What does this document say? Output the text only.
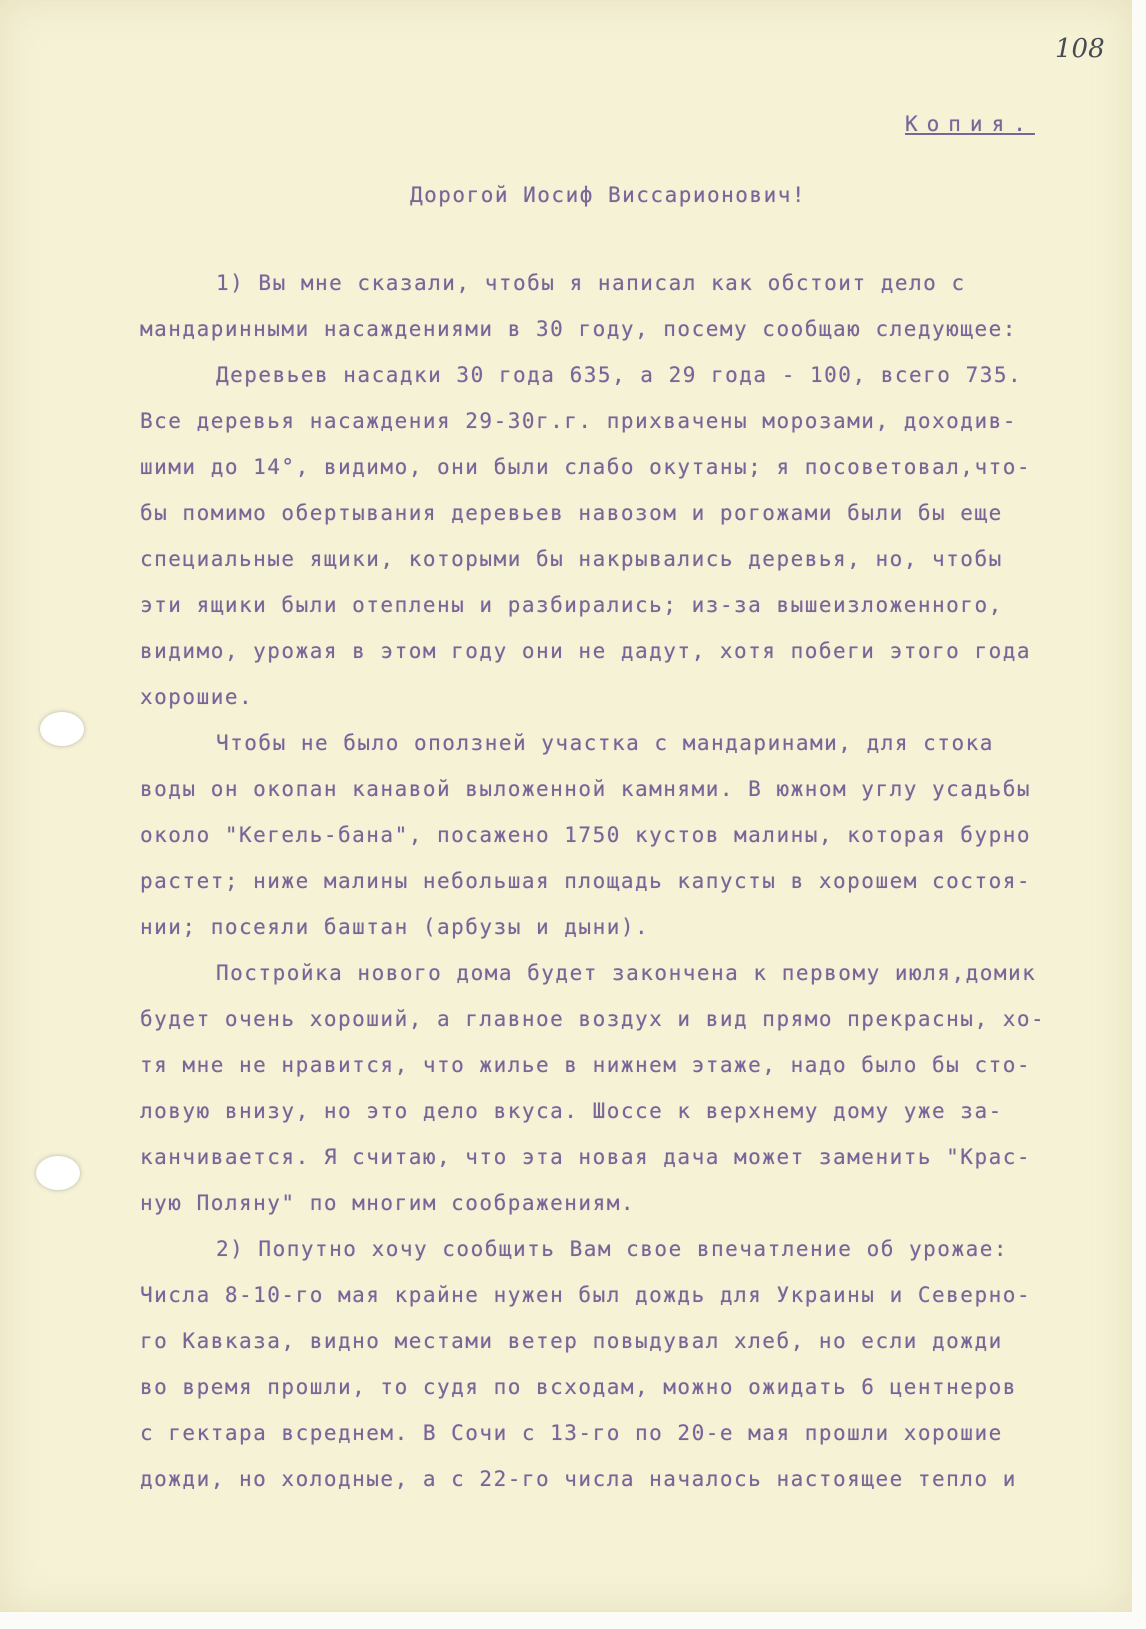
108
Копия.
Дорогой Иосиф Виссарионович!
1) Вы мне сказали, чтобы я написал как обстоит дело с
мандаринными насаждениями в 30 году, посему сообщаю следующее:
Деревьев насадки 30 года 635, а 29 года - 100, всего 735.
Все деревья насаждения 29-30г.г. прихвачены морозами, доходив-
шими до 14°, видимо, они были слабо окутаны; я посоветовал,что-
бы помимо обертывания деревьев навозом и рогожами были бы еще
специальные ящики, которыми бы накрывались деревья, но, чтобы
эти ящики были отеплены и разбирались; из-за вышеизложенного,
видимо, урожая в этом году они не дадут, хотя побеги этого года
хорошие.
Чтобы не было оползней участка с мандаринами, для стока
воды он окопан канавой выложенной камнями. В южном углу усадьбы
около "Кегель-бана", посажено 1750 кустов малины, которая бурно
растет; ниже малины небольшая площадь капусты в хорошем состоя-
нии; посеяли баштан (арбузы и дыни).
Постройка нового дома будет закончена к первому июля,домик
будет очень хороший, а главное воздух и вид прямо прекрасны, хо-
тя мне не нравится, что жилье в нижнем этаже, надо было бы сто-
ловую внизу, но это дело вкуса. Шоссе к верхнему дому уже за-
канчивается. Я считаю, что эта новая дача может заменить "Крас-
ную Поляну" по многим соображениям.
2) Попутно хочу сообщить Вам свое впечатление об урожае:
Числа 8-10-го мая крайне нужен был дождь для Украины и Северно-
го Кавказа, видно местами ветер повыдувал хлеб, но если дожди
во время прошли, то судя по всходам, можно ожидать 6 центнеров
с гектара всреднем. В Сочи с 13-го по 20-е мая прошли хорошие
дожди, но холодные, а с 22-го числа началось настоящее тепло и
